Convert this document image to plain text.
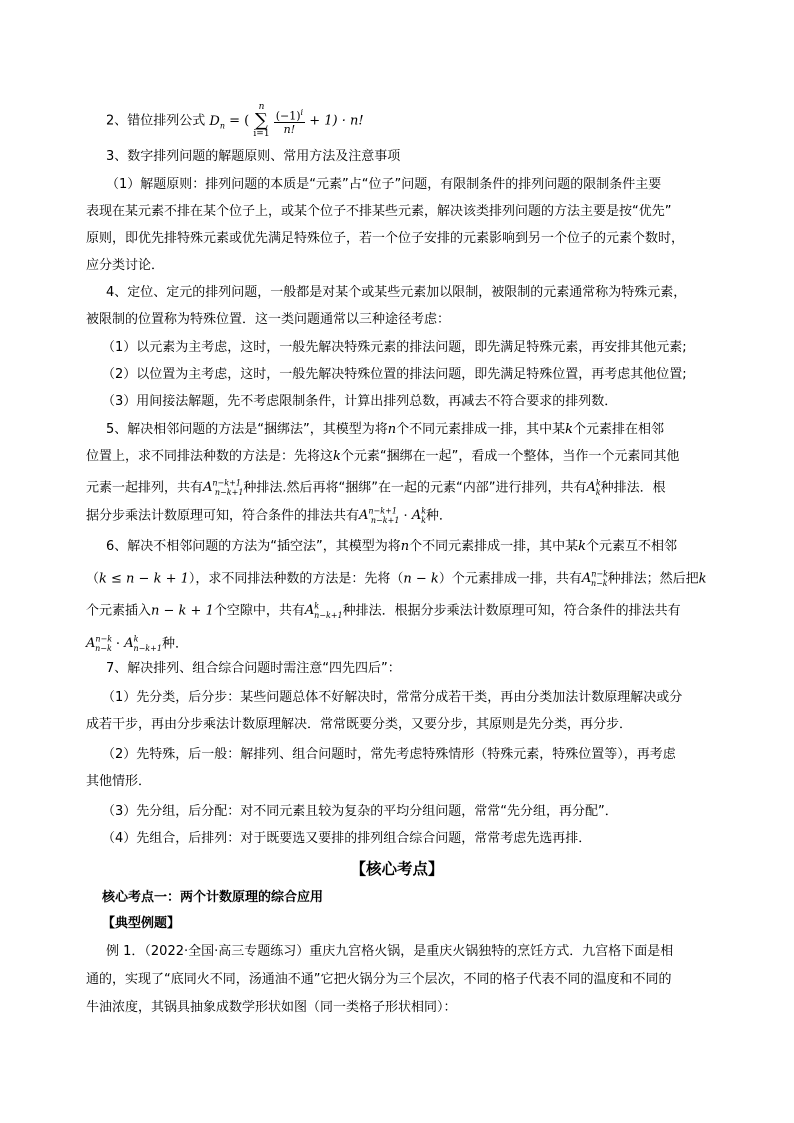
2、错位排列公式 $D_n$ = ( n
∑
$i=1 \frac{(-1)^i}{n!} + 1) \cdot n$!
3、数字排列问题的解题原则、常用方法及注意事项
（1）解题原则：排列问题的本质是“元素”占“位子”问题，有限制条件的排列问题的限制条件主要
表现在某元素不排在某个位子上，或某个位子不排某些元素，解决该类排列问题的方法主要是按“优先”
原则，即优先排特殊元素或优先满足特殊位子，若一个位子安排的元素影响到另一个位子的元素个数时，
应分类讨论．
4、定位、定元的排列问题，一般都是对某个或某些元素加以限制，被限制的元素通常称为特殊元素，
被限制的位置称为特殊位置．这一类问题通常以三种途径考虑：
（1）以元素为主考虑，这时，一般先解决特殊元素的排法问题，即先满足特殊元素，再安排其他元素;
（2）以位置为主考虑，这时，一般先解决特殊位置的排法问题，即先满足特殊位置，再考虑其他位置;
（3）用间接法解题，先不考虑限制条件，计算出排列总数，再减去不符合要求的排列数．
5、解决相邻问题的方法是“捆绑法”，其模型为将n个不同元素排成一排，其中某k个元素排在相邻
位置上，求不同排法种数的方法是：先将这k个元素“捆绑在一起”，看成一个整体，当作一个元素同其他
元素一起排列，共有$A^{n-k+1}_{n-k+1}$种排法.然后再将“捆绑”在一起的元素“内部”进行排列，共有$A^k_k$种排法．根
据分步乘法计数原理可知，符合条件的排法共有$A^{n-k+1}_{n-k+1} \cdot A^k_k$种．
6、解决不相邻问题的方法为“插空法”，其模型为将n个不同元素排成一排，其中某k个元素互不相邻
（k ≤ n − k + 1），求不同排法种数的方法是：先将（n − k）个元素排成一排，共有$A^{n-k}_{n-k}$种排法；然后把k
个元素插入n − k + 1个空隙中，共有$A^k_{n-k+1}$种排法．根据分步乘法计数原理可知，符合条件的排法共有
$A^{n-k}_{n-k} \cdot A^k_{n-k+1}$种．
7、解决排列、组合综合问题时需注意“四先四后”：
（1）先分类，后分步：某些问题总体不好解决时，常常分成若干类，再由分类加法计数原理解决或分
成若干步，再由分步乘法计数原理解决．常常既要分类，又要分步，其原则是先分类，再分步．
（2）先特殊，后一般：解排列、组合问题时，常先考虑特殊情形（特殊元素，特殊位置等），再考虑
其他情形．
（3）先分组，后分配：对不同元素且较为复杂的平均分组问题，常常“先分组，再分配”．
（4）先组合，后排列：对于既要选又要排的排列组合综合问题，常常考虑先选再排．
【核心考点】
核心考点一：两个计数原理的综合应用
【典型例题】
例 1．（2022·全国·高三专题练习）重庆九宫格火锅，是重庆火锅独特的烹饪方式．九宫格下面是相
通的，实现了“底同火不同，汤通油不通”它把火锅分为三个层次，不同的格子代表不同的温度和不同的
牛油浓度，其锅具抽象成数学形状如图（同一类格子形状相同）：
